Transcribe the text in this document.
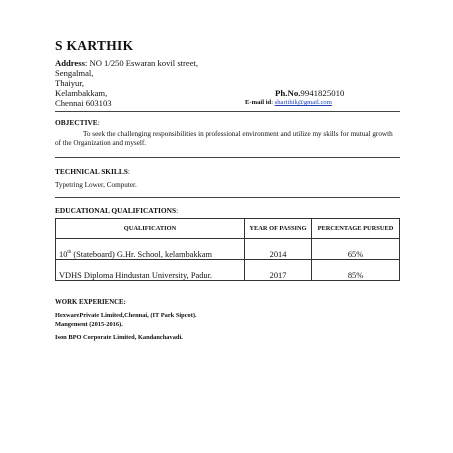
S KARTHIK
Address: NO 1/250 Eswaran kovil street,
Sengalmal,
Thaiyur,
Kelambakkam,
Chennai 603103
Ph.No.9941825010
E-mail id: sharithik@gmail.com
OBJECTIVE:
To seek the challenging responsibilities in professional environment and utilize my skills for mutual growth of the Organization and myself.
TECHNICAL SKILLS:
Typetring Lower, Computer.
EDUCATIONAL QUALIFICATIONS:
QUALIFICATION	YEAR OF PASSING	PERCENTAGE PURSUED
10th (Stateboard) G.Hr. School, kelambakkam	2014	65%
VDHS Diploma Hindustan University, Padur.	2017	85%
WORK EXPERIENCE:
HexwarePrivate Limited,Chennai, (IT Park Sipcot).
Mangement (2015-2016).
Ison BPO Corporate Limited, Kandanchavadi.
